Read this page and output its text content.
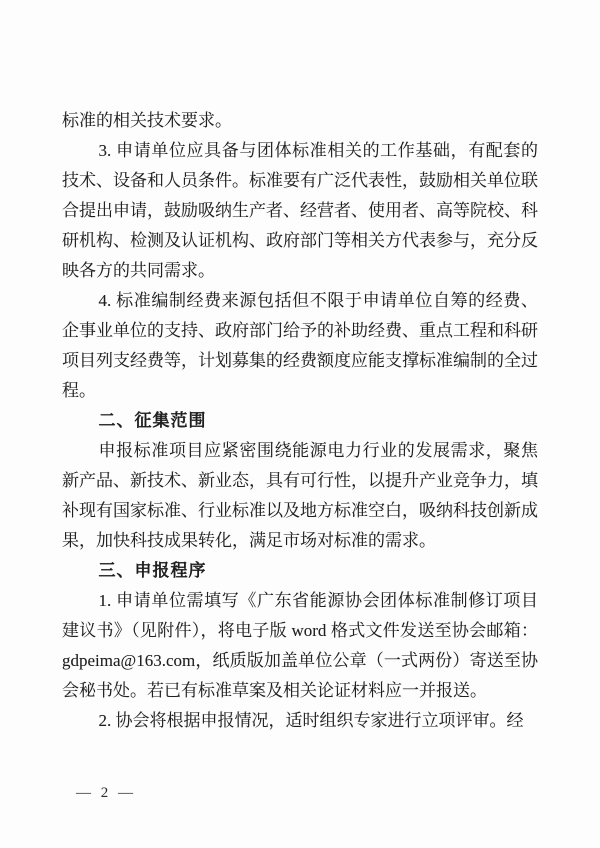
标准的相关技术要求。

3. 申请单位应具备与团体标准相关的工作基础，有配套的技术、设备和人员条件。标准要有广泛代表性，鼓励相关单位联合提出申请，鼓励吸纳生产者、经营者、使用者、高等院校、科研机构、检测及认证机构、政府部门等相关方代表参与，充分反映各方的共同需求。

4. 标准编制经费来源包括但不限于申请单位自筹的经费、企事业单位的支持、政府部门给予的补助经费、重点工程和科研项目列支经费等，计划募集的经费额度应能支撑标准编制的全过程。

二、征集范围

申报标准项目应紧密围绕能源电力行业的发展需求，聚焦新产品、新技术、新业态，具有可行性，以提升产业竞争力，填补现有国家标准、行业标准以及地方标准空白，吸纳科技创新成果，加快科技成果转化，满足市场对标准的需求。

三、申报程序

1. 申请单位需填写《广东省能源协会团体标准制修订项目建议书》（见附件），将电子版 word 格式文件发送至协会邮箱：gdpeima@163.com，纸质版加盖单位公章（一式两份）寄送至协会秘书处。若已有标准草案及相关论证材料应一并报送。

2. 协会将根据申报情况，适时组织专家进行立项评审。经

— 2 —
